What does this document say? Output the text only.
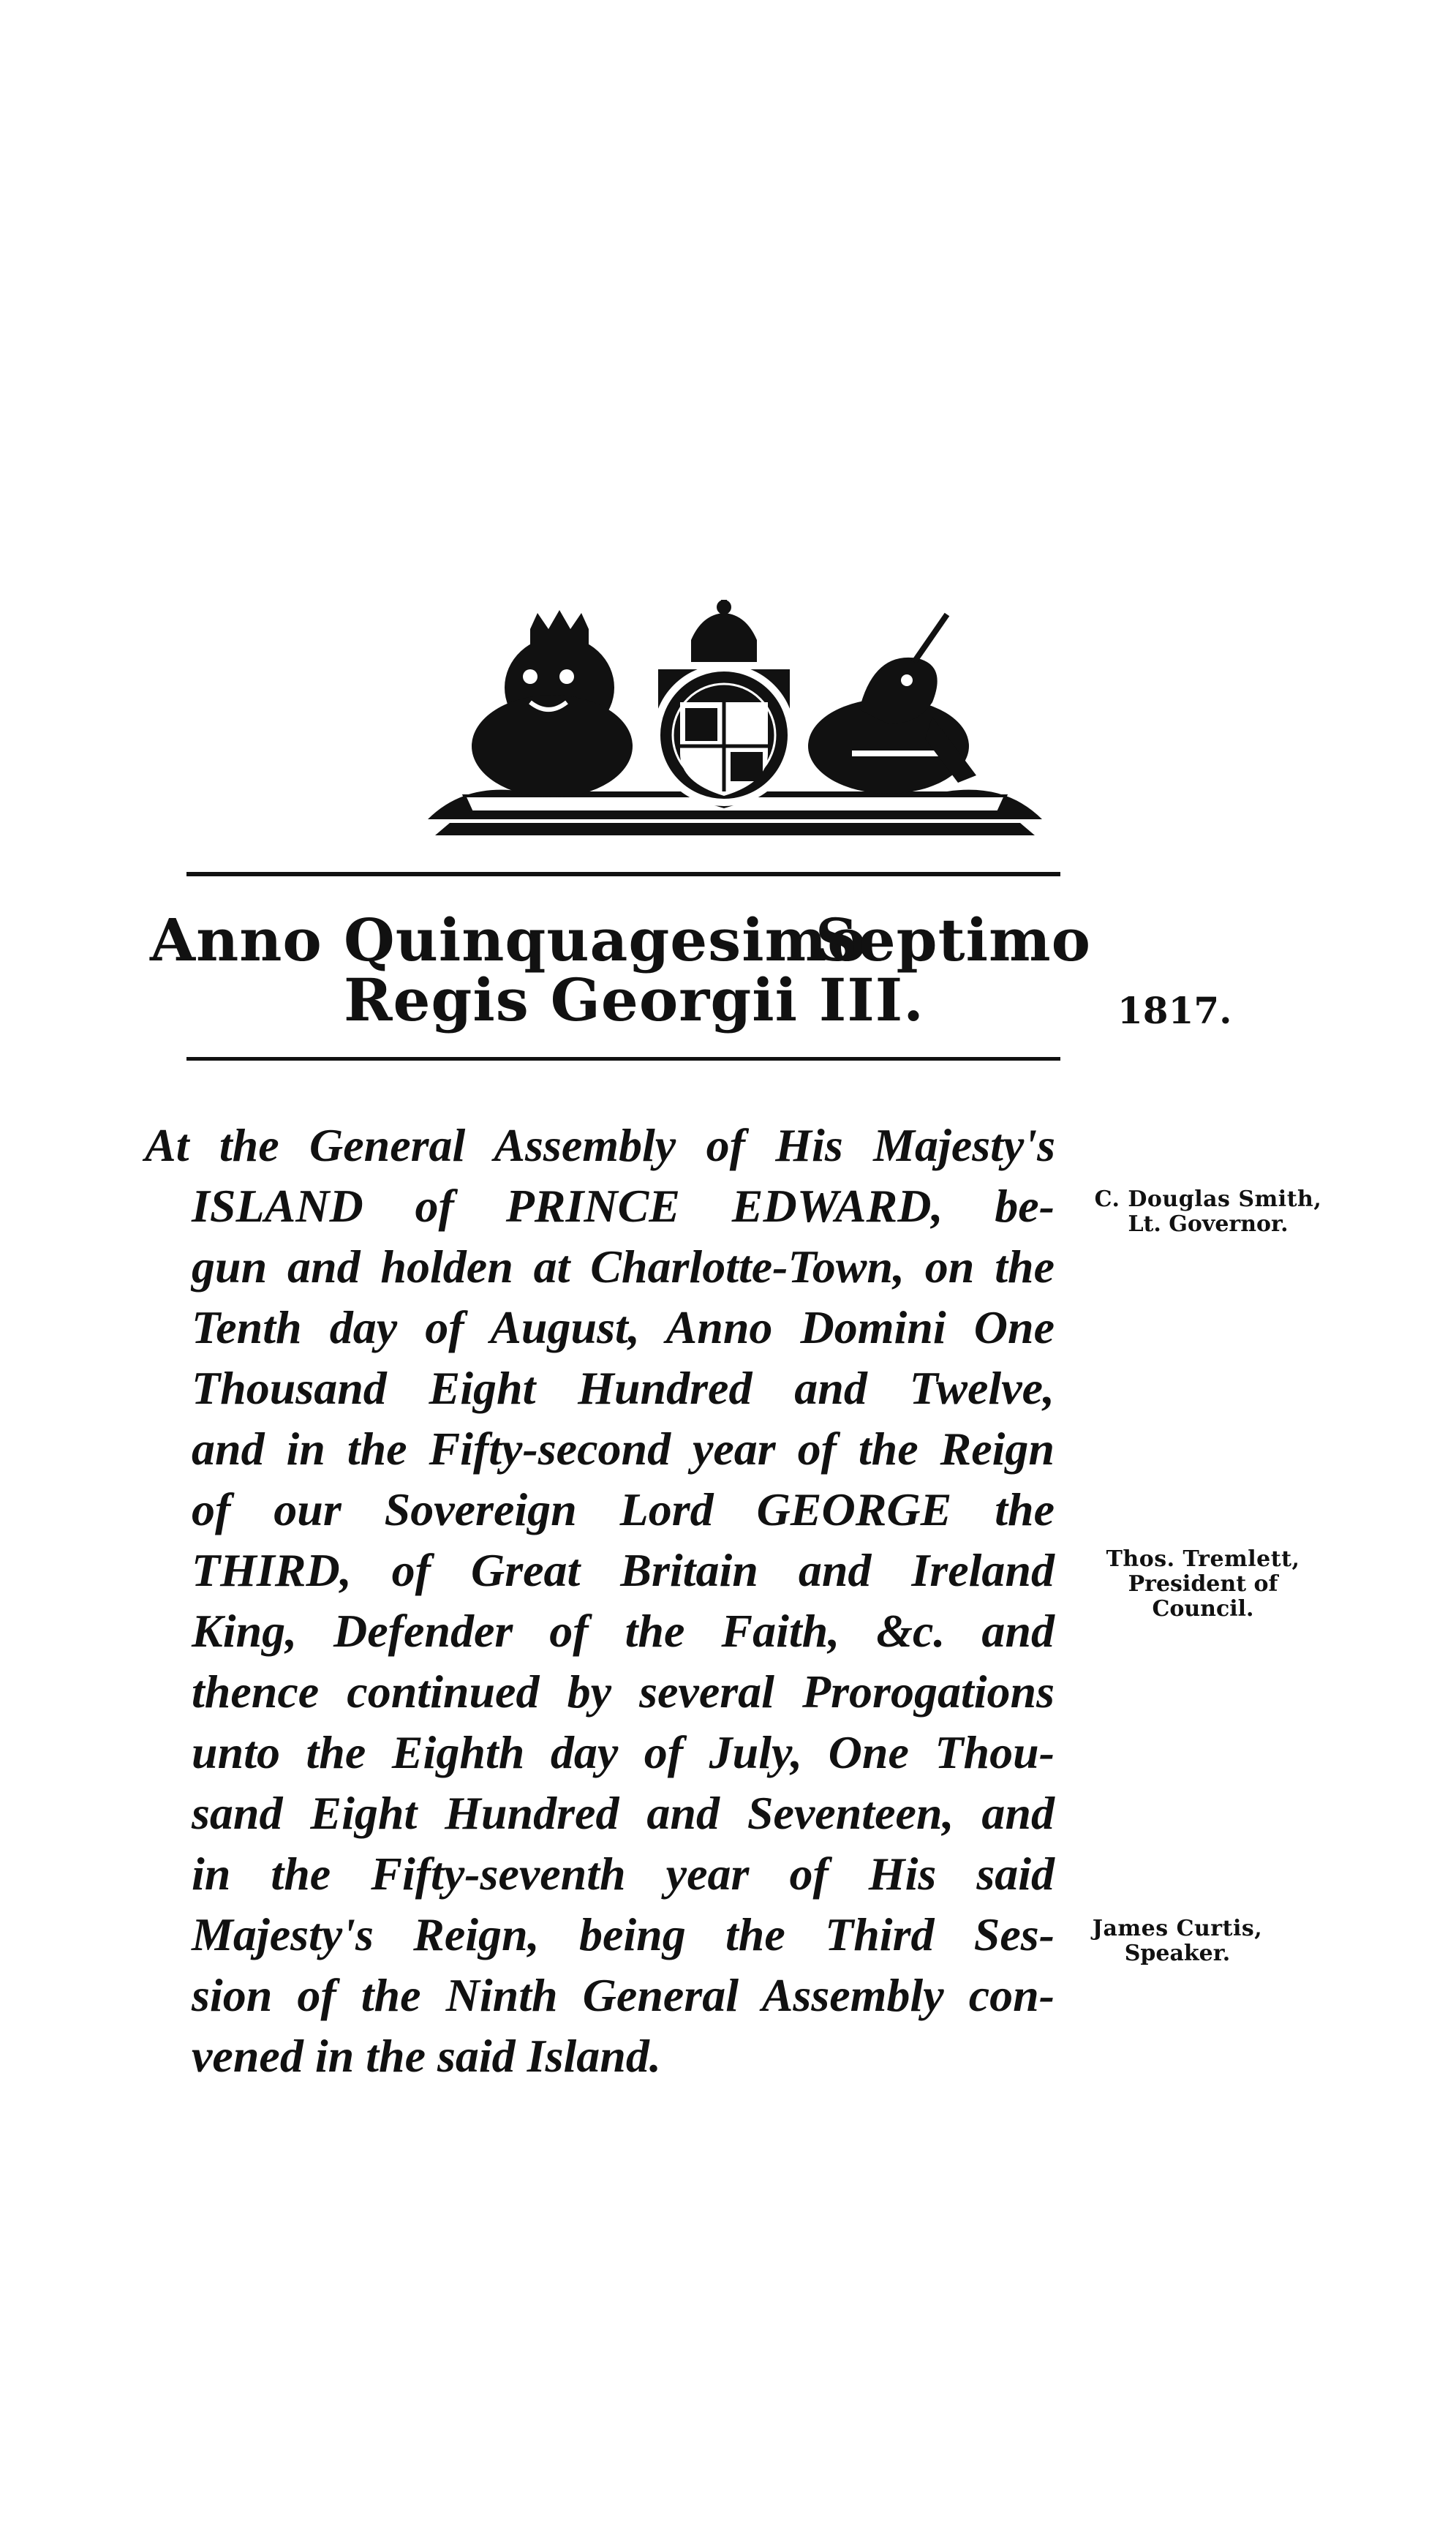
Anno Quinquagesimo
Septimo
Regis Georgii III.	1817.
At the General Assembly of His Majesty's
ISLAND of PRINCE EDWARD, be-
gun and holden at Charlotte-Town, on the
Tenth day of August, Anno Domini One
Thousand Eight Hundred and Twelve,
and in the Fifty-second year of the Reign
of our Sovereign Lord GEORGE the
THIRD, of Great Britain and Ireland
King, Defender of the Faith, &c. and
thence continued by several Prorogations
unto the Eighth day of July, One Thou-
sand Eight Hundred and Seventeen, and
in the Fifty-seventh year of His said
Majesty's Reign, being the Third Ses-
sion of the Ninth General Assembly con-
vened in the said Island.
C. Douglas Smith,
Lt. Governor.
Thos. Tremlett,
President of Council.
James Curtis,
Speaker.
